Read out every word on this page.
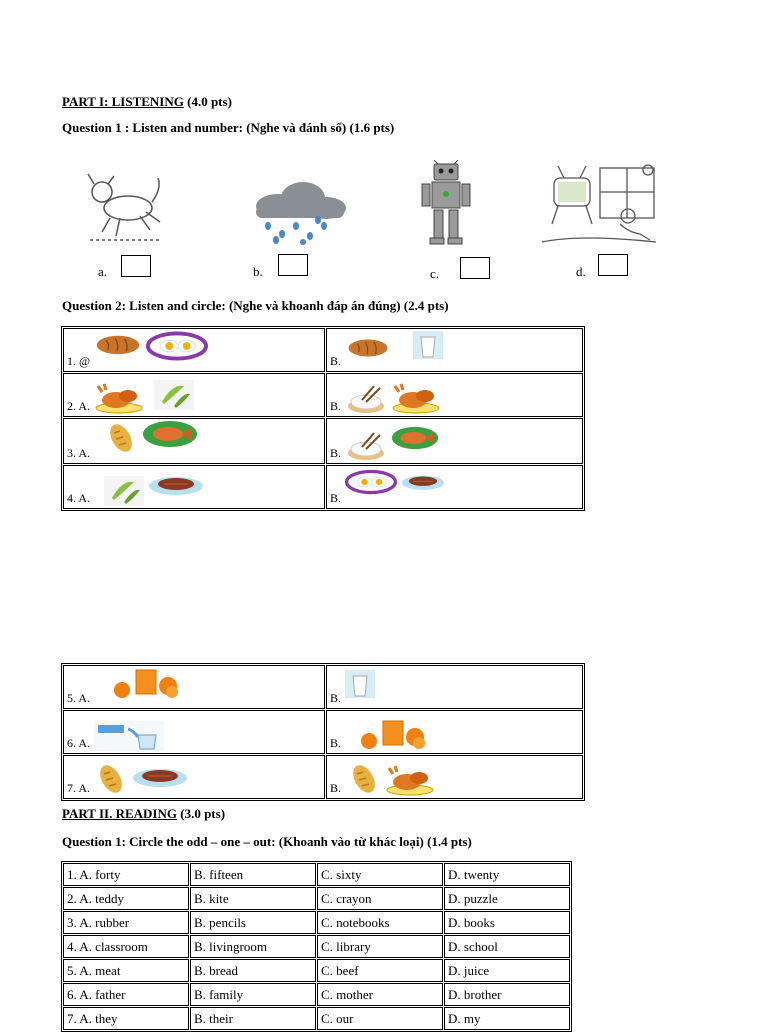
PART I: LISTENING (4.0 pts)
Question 1 : Listen and number: (Nghe và đánh số) (1.6 pts)
a.	b.	c.	d.
Question 2: Listen and circle: (Nghe và khoanh đáp án đúng) (2.4 pts)
1. @	B.
2. A.	B.
3. A.	B.
4. A.	B.
5. A.	B.
6. A.	B.
7. A.	B.
PART II. READING (3.0 pts)
Question 1: Circle the odd – one – out: (Khoanh vào từ khác loại) (1.4 pts)
1. A. forty	B. fifteen	C. sixty	D. twenty
2. A. teddy	B. kite	C. crayon	D. puzzle
3. A. rubber	B. pencils	C. notebooks	D. books
4. A. classroom	B. livingroom	C. library	D. school
5. A. meat	B. bread	C. beef	D. juice
6. A. father	B. family	C. mother	D. brother
7. A. they	B. their	C. our	D. my
